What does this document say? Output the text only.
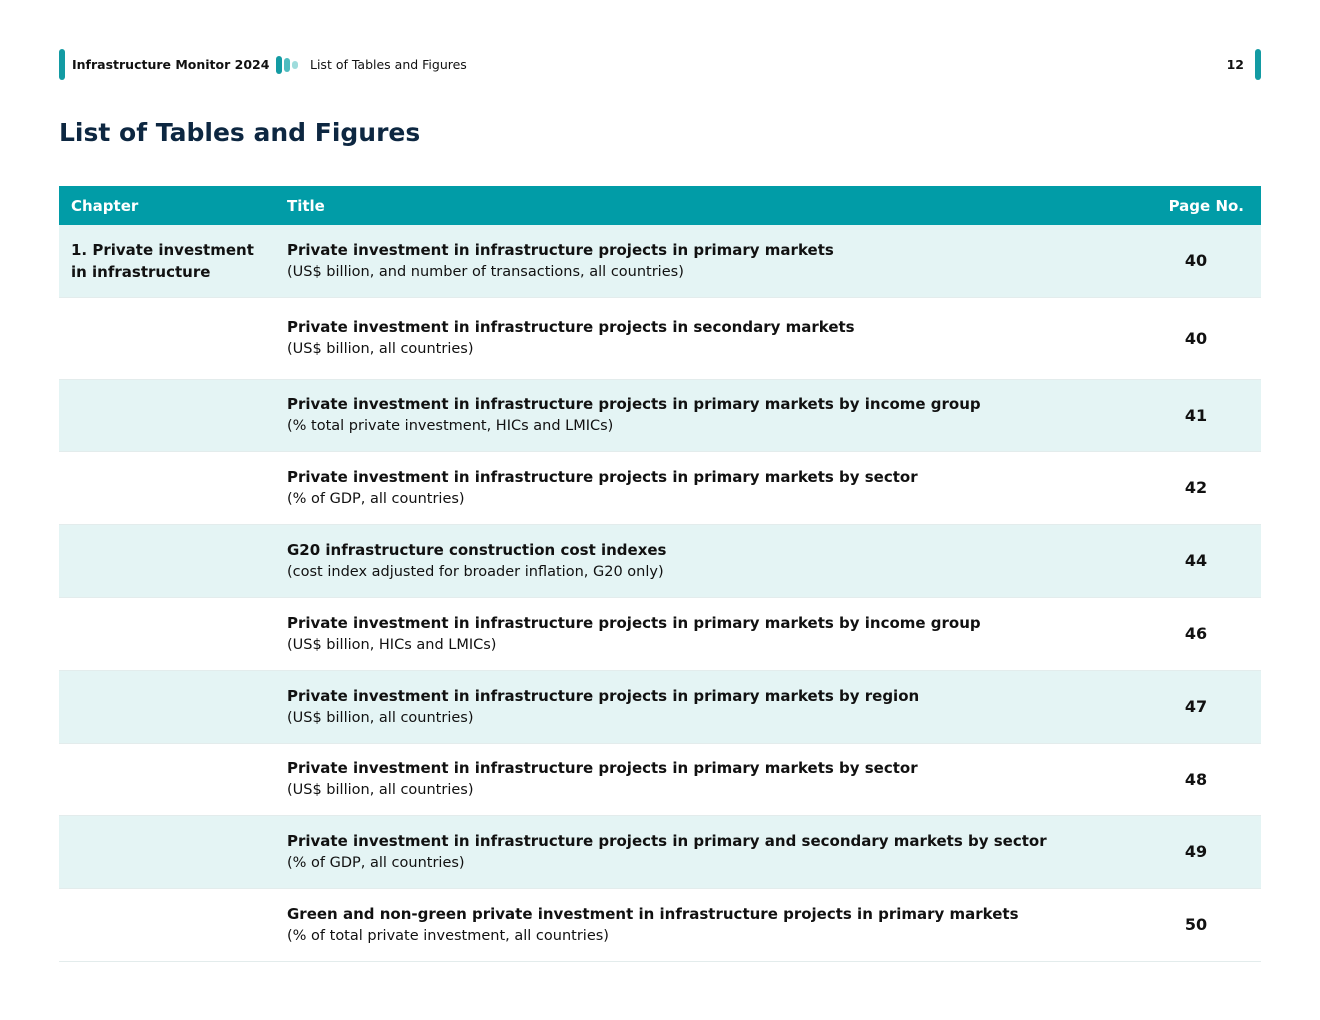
Infrastructure Monitor 2024	List of Tables and Figures	12
List of Tables and Figures
Chapter	Title	Page No.
1. Private investment in infrastructure	Private investment in infrastructure projects in primary markets
(US$ billion, and number of transactions, all countries)	40

	Private investment in infrastructure projects in secondary markets
(US$ billion, all countries)	40

	Private investment in infrastructure projects in primary markets by income group
(% total private investment, HICs and LMICs)	41

	Private investment in infrastructure projects in primary markets by sector
(% of GDP, all countries)	42

	G20 infrastructure construction cost indexes
(cost index adjusted for broader inflation, G20 only)	44

	Private investment in infrastructure projects in primary markets by income group
(US$ billion, HICs and LMICs)	46

	Private investment in infrastructure projects in primary markets by region
(US$ billion, all countries)	47

	Private investment in infrastructure projects in primary markets by sector
(US$ billion, all countries)	48

	Private investment in infrastructure projects in primary and secondary markets by sector
(% of GDP, all countries)	49

	Green and non-green private investment in infrastructure projects in primary markets
(% of total private investment, all countries)	50
